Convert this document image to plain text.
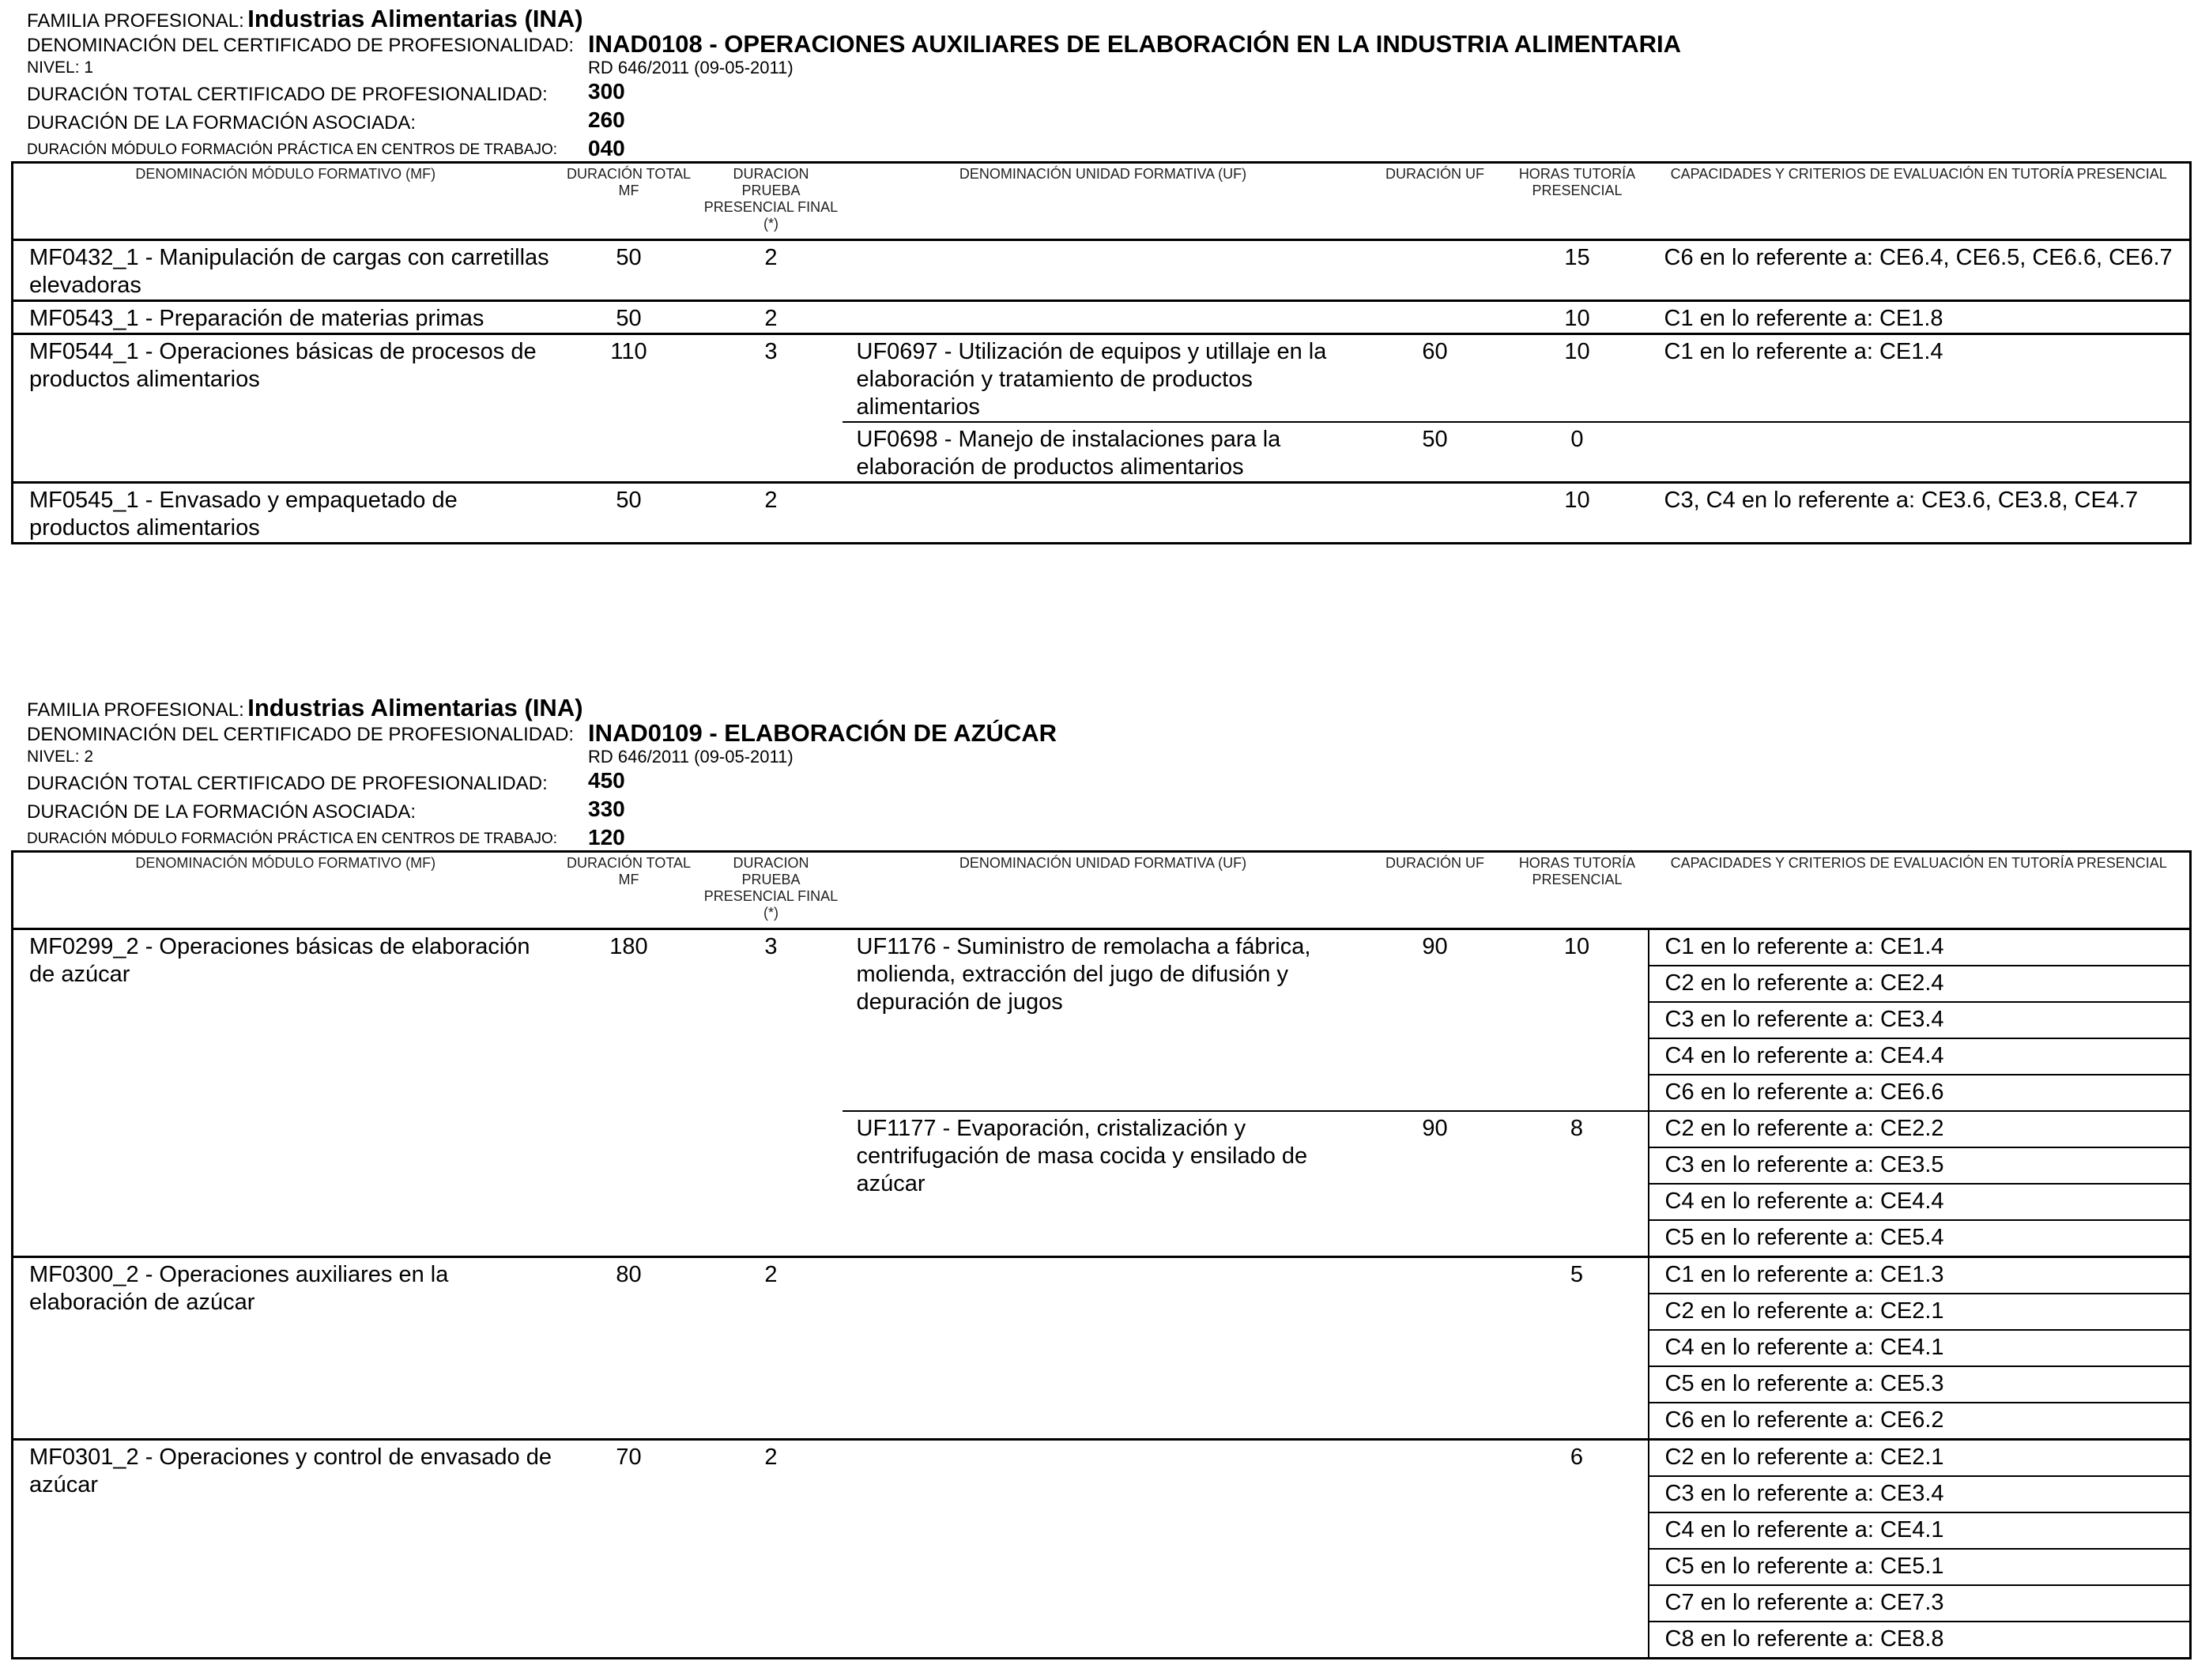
FAMILIA PROFESIONAL: Industrias Alimentarias (INA)
DENOMINACIÓN DEL CERTIFICADO DE PROFESIONALIDAD: INAD0108 - OPERACIONES AUXILIARES DE ELABORACIÓN EN LA INDUSTRIA ALIMENTARIA
NIVEL: 1	RD 646/2011 (09-05-2011)
DURACIÓN TOTAL CERTIFICADO DE PROFESIONALIDAD: 300
DURACIÓN DE LA FORMACIÓN ASOCIADA:	260
DURACIÓN MÓDULO FORMACIÓN PRÁCTICA EN CENTROS DE TRABAJO: 040
DENOMINACIÓN MÓDULO FORMATIVO (MF)	DURACIÓN TOTAL MF	DURACION PRUEBA PRESENCIAL FINAL (*)	DENOMINACIÓN UNIDAD FORMATIVA (UF)	DURACIÓN UF	HORAS TUTORÍA PRESENCIAL	CAPACIDADES Y CRITERIOS DE EVALUACIÓN EN TUTORÍA PRESENCIAL
MF0432_1 - Manipulación de cargas con carretillas elevadoras	50	2			15	C6 en lo referente a: CE6.4, CE6.5, CE6.6, CE6.7
MF0543_1 - Preparación de materias primas	50	2			10	C1 en lo referente a: CE1.8
MF0544_1 - Operaciones básicas de procesos de productos alimentarios	110	3	UF0697 - Utilización de equipos y utillaje en la elaboración y tratamiento de productos alimentarios	60	10	C1 en lo referente a: CE1.4
			UF0698 - Manejo de instalaciones para la elaboración de productos alimentarios	50	0	
MF0545_1 - Envasado y empaquetado de productos alimentarios	50	2			10	C3, C4 en lo referente a: CE3.6, CE3.8, CE4.7
FAMILIA PROFESIONAL: Industrias Alimentarias (INA)
DENOMINACIÓN DEL CERTIFICADO DE PROFESIONALIDAD: INAD0109 - ELABORACIÓN DE AZÚCAR
NIVEL: 2	RD 646/2011 (09-05-2011)
DURACIÓN TOTAL CERTIFICADO DE PROFESIONALIDAD: 450
DURACIÓN DE LA FORMACIÓN ASOCIADA:	330
DURACIÓN MÓDULO FORMACIÓN PRÁCTICA EN CENTROS DE TRABAJO: 120
DENOMINACIÓN MÓDULO FORMATIVO (MF)	DURACIÓN TOTAL MF	DURACION PRUEBA PRESENCIAL FINAL (*)	DENOMINACIÓN UNIDAD FORMATIVA (UF)	DURACIÓN UF	HORAS TUTORÍA PRESENCIAL	CAPACIDADES Y CRITERIOS DE EVALUACIÓN EN TUTORÍA PRESENCIAL
MF0299_2 - Operaciones básicas de elaboración de azúcar	180	3	UF1176 - Suministro de remolacha a fábrica, molienda, extracción del jugo de difusión y depuración de jugos	90	10	C1 en lo referente a: CE1.4
						C2 en lo referente a: CE2.4
						C3 en lo referente a: CE3.4
						C4 en lo referente a: CE4.4
						C6 en lo referente a: CE6.6
			UF1177 - Evaporación, cristalización y centrifugación de masa cocida y ensilado de azúcar	90	8	C2 en lo referente a: CE2.2
						C3 en lo referente a: CE3.5
						C4 en lo referente a: CE4.4
						C5 en lo referente a: CE5.4
MF0300_2 - Operaciones auxiliares en la elaboración de azúcar	80	2			5	C1 en lo referente a: CE1.3
						C2 en lo referente a: CE2.1
						C4 en lo referente a: CE4.1
						C5 en lo referente a: CE5.3
						C6 en lo referente a: CE6.2
MF0301_2 - Operaciones y control de envasado de azúcar	70	2			6	C2 en lo referente a: CE2.1
						C3 en lo referente a: CE3.4
						C4 en lo referente a: CE4.1
						C5 en lo referente a: CE5.1
						C7 en lo referente a: CE7.3
						C8 en lo referente a: CE8.8
